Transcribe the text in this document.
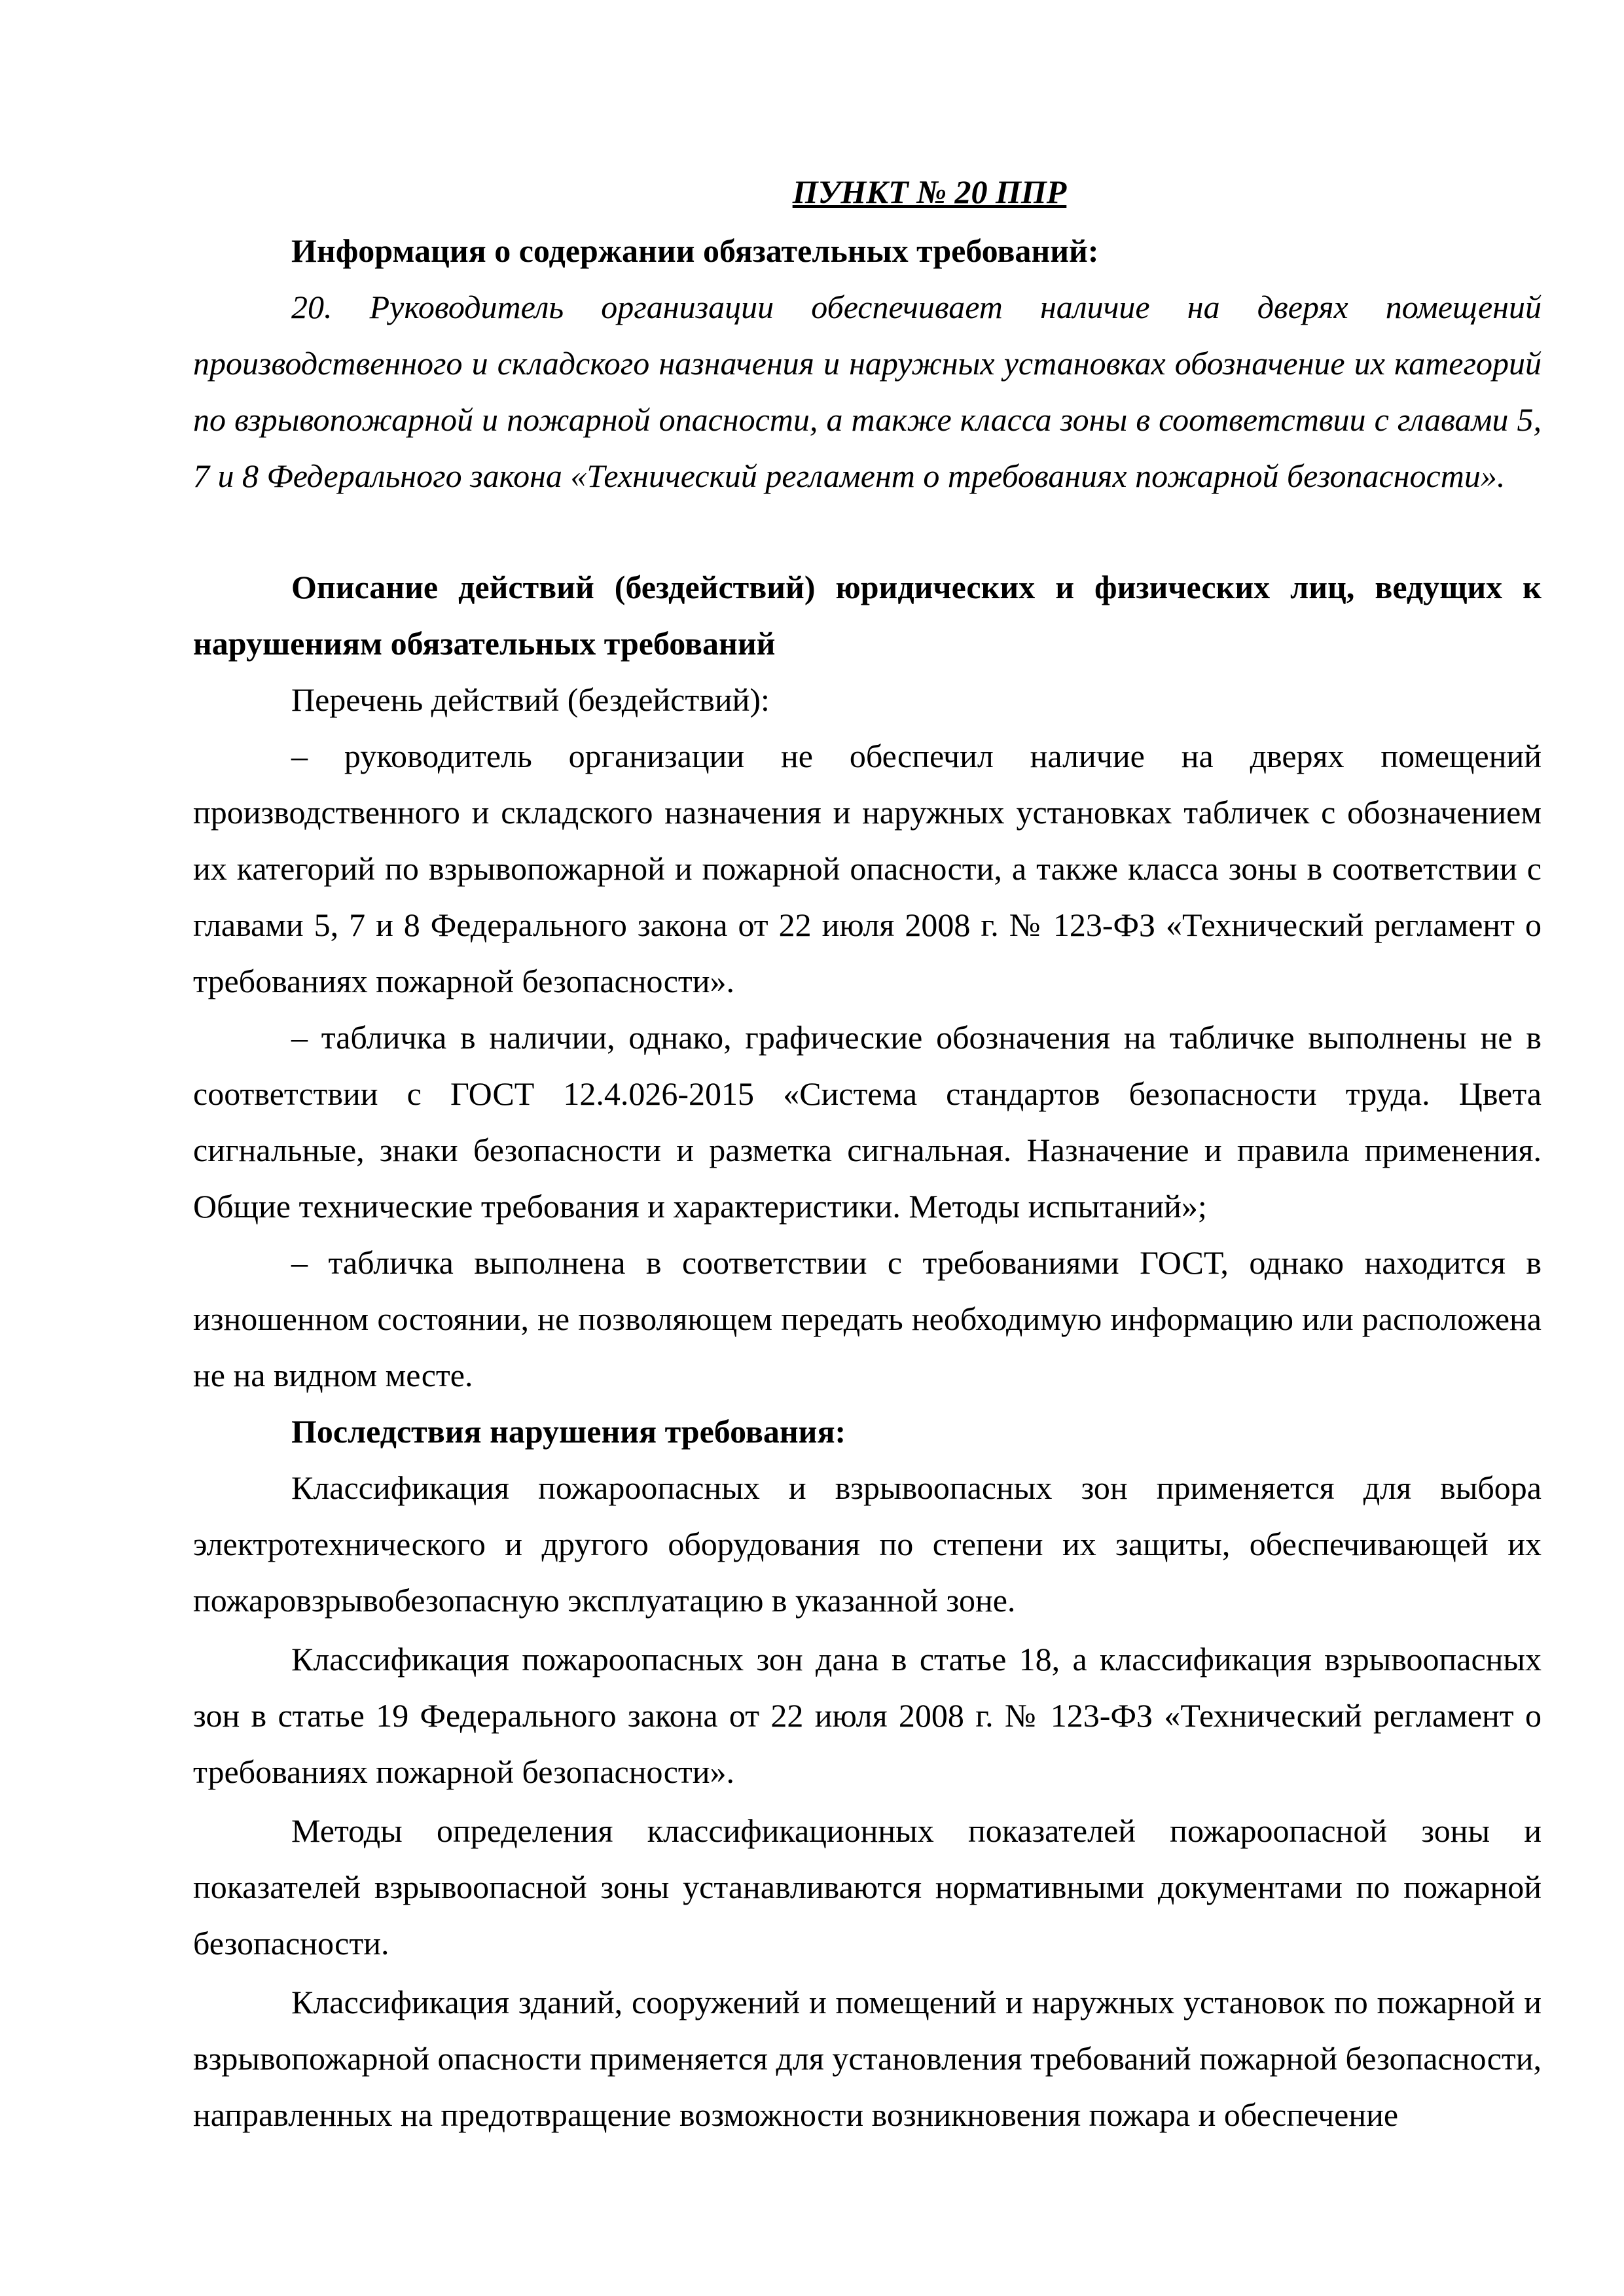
ПУНКТ № 20 ППР

Информация о содержании обязательных требований:

20. Руководитель организации обеспечивает наличие на дверях помещений производственного и складского назначения и наружных установках обозначение их категорий по взрывопожарной и пожарной опасности, а также класса зоны в соответствии с главами 5, 7 и 8 Федерального закона «Технический регламент о требованиях пожарной безопасности».

Описание действий (бездействий) юридических и физических лиц, ведущих к нарушениям обязательных требований

Перечень действий (бездействий):

– руководитель организации не обеспечил наличие на дверях помещений производственного и складского назначения и наружных установках табличек с обозначением их категорий по взрывопожарной и пожарной опасности, а также класса зоны в соответствии с главами 5, 7 и 8 Федерального закона от 22 июля 2008 г. № 123-ФЗ «Технический регламент о требованиях пожарной безопасности».

– табличка в наличии, однако, графические обозначения на табличке выполнены не в соответствии с ГОСТ 12.4.026-2015 «Система стандартов безопасности труда. Цвета сигнальные, знаки безопасности и разметка сигнальная. Назначение и правила применения. Общие технические требования и характеристики. Методы испытаний»;

– табличка выполнена в соответствии с требованиями ГОСТ, однако находится в изношенном состоянии, не позволяющем передать необходимую информацию или расположена не на видном месте.

Последствия нарушения требования:

Классификация пожароопасных и взрывоопасных зон применяется для выбора электротехнического и другого оборудования по степени их защиты, обеспечивающей их пожаровзрывобезопасную эксплуатацию в указанной зоне.

Классификация пожароопасных зон дана в статье 18, а классификация взрывоопасных зон в статье 19 Федерального закона от 22 июля 2008 г. № 123-ФЗ «Технический регламент о требованиях пожарной безопасности».

Методы определения классификационных показателей пожароопасной зоны и показателей взрывоопасной зоны устанавливаются нормативными документами по пожарной безопасности.

Классификация зданий, сооружений и помещений и наружных установок по пожарной и взрывопожарной опасности применяется для установления требований пожарной безопасности, направленных на предотвращение возможности возникновения пожара и обеспечение
